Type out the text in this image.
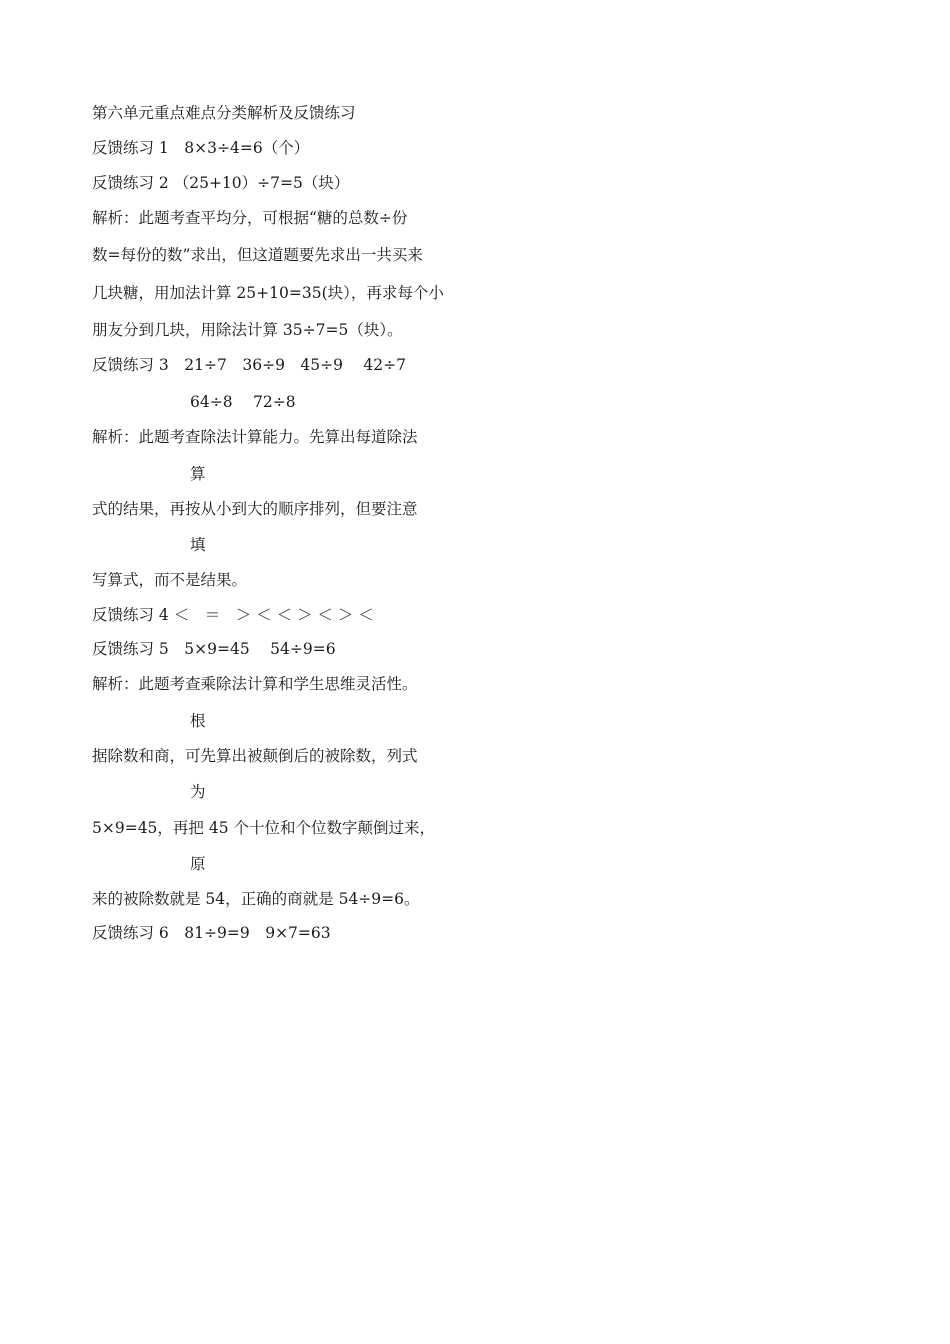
第六单元重点难点分类解析及反馈练习
反馈练习 1　8×3÷4=6（个）
反馈练习 2 （25+10）÷7=5（块）
解析：此题考查平均分，可根据“糖的总数÷份
数=每份的数”求出，但这道题要先求出一共买来
几块糖，用加法计算 25+10=35(块），再求每个小
朋友分到几块，用除法计算 35÷7=5（块）。
反馈练习 3　21÷7　36÷9　45÷9　 42÷7
64÷8　 72÷8
解析：此题考查除法计算能力。先算出每道除法
算
式的结果，再按从小到大的顺序排列，但要注意
填
写算式，而不是结果。
反馈练习 4 ＜　＝　＞ ＜ ＜ ＞ ＜ ＞ ＜
反馈练习 5　5×9=45　 54÷9=6
解析：此题考查乘除法计算和学生思维灵活性。
根
据除数和商，可先算出被颠倒后的被除数，列式
为
5×9=45，再把 45 个十位和个位数字颠倒过来，
原
来的被除数就是 54，正确的商就是 54÷9=6。
反馈练习 6　81÷9=9　9×7=63
